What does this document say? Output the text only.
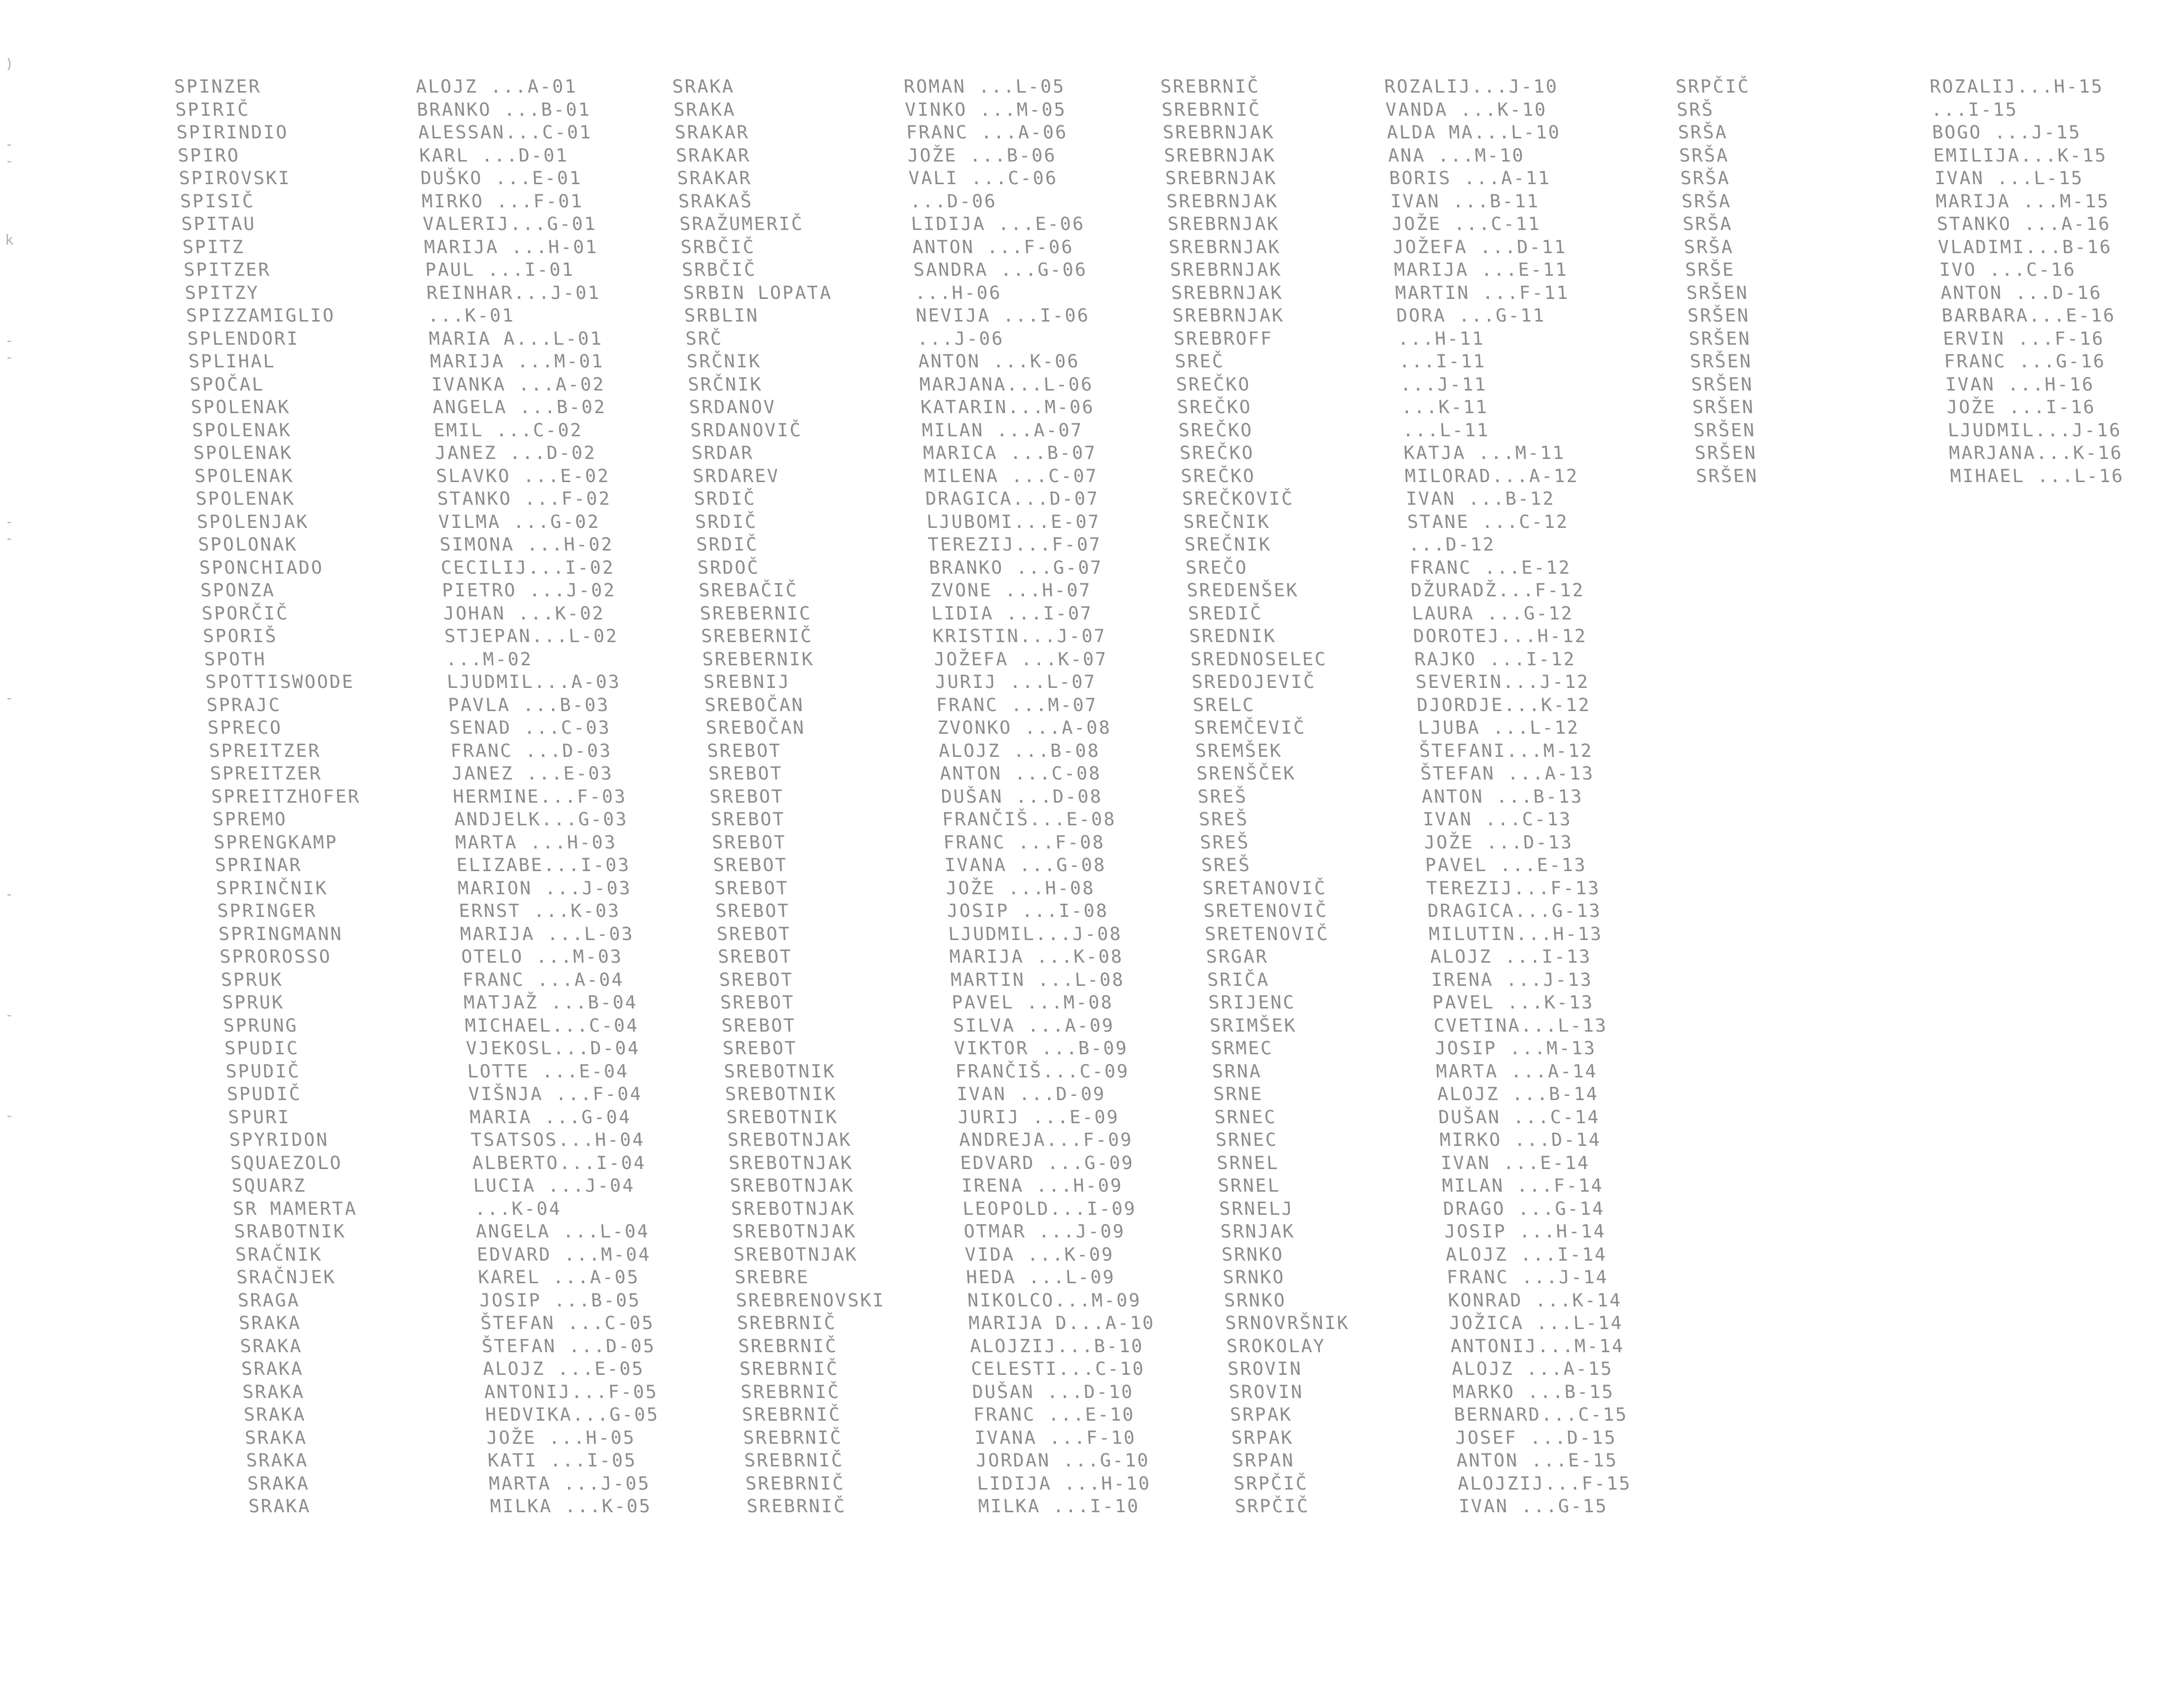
)
- -
k
- -
- -
-
-
-
-
SPINZER
SPIRIČ
SPIRINDIO
SPIRO
SPIROVSKI
SPISIČ
SPITAU
SPITZ
SPITZER
SPITZY
SPIZZAMIGLIO
SPLENDORI
SPLIHAL
SPOČAL
SPOLENAK
SPOLENAK
SPOLENAK
SPOLENAK
SPOLENAK
SPOLENJAK
SPOLONAK
SPONCHIADO
SPONZA
SPORČIČ
SPORIŠ
SPOTH
SPOTTISWOODE
SPRAJC
SPRECO
SPREITZER
SPREITZER
SPREITZHOFER
SPREMO
SPRENGKAMP
SPRINAR
SPRINČNIK
SPRINGER
SPRINGMANN
SPROROSSO
SPRUK
SPRUK
SPRUNG
SPUDIC
SPUDIČ
SPUDIČ
SPURI
SPYRIDON
SQUAEZOLO
SQUARZ
SR MAMERTA
SRABOTNIK
SRAČNIK
SRAČNJEK
SRAGA
SRAKA
SRAKA
SRAKA
SRAKA
SRAKA
SRAKA
SRAKA
SRAKA
SRAKA
ALOJZ ...A-01
BRANKO ...B-01
ALESSAN...C-01
KARL ...D-01
DUŠKO ...E-01
MIRKO ...F-01
VALERIJ...G-01
MARIJA ...H-01
PAUL ...I-01
REINHAR...J-01
...K-01
MARIA A...L-01
MARIJA ...M-01
IVANKA ...A-02
ANGELA ...B-02
EMIL ...C-02
JANEZ ...D-02
SLAVKO ...E-02
STANKO ...F-02
VILMA ...G-02
SIMONA ...H-02
CECILIJ...I-02
PIETRO ...J-02
JOHAN ...K-02
STJEPAN...L-02
...M-02
LJUDMIL...A-03
PAVLA ...B-03
SENAD ...C-03
FRANC ...D-03
JANEZ ...E-03
HERMINE...F-03
ANDJELK...G-03
MARTA ...H-03
ELIZABE...I-03
MARION ...J-03
ERNST ...K-03
MARIJA ...L-03
OTELO ...M-03
FRANC ...A-04
MATJAŽ ...B-04
MICHAEL...C-04
VJEKOSL...D-04
LOTTE ...E-04
VIŠNJA ...F-04
MARIA ...G-04
TSATSOS...H-04
ALBERTO...I-04
LUCIA ...J-04
...K-04
ANGELA ...L-04
EDVARD ...M-04
KAREL ...A-05
JOSIP ...B-05
ŠTEFAN ...C-05
ŠTEFAN ...D-05
ALOJZ ...E-05
ANTONIJ...F-05
HEDVIKA...G-05
JOŽE ...H-05
KATI ...I-05
MARTA ...J-05
MILKA ...K-05
SRAKA
SRAKA
SRAKAR
SRAKAR
SRAKAR
SRAKAŠ
SRAŽUMERIČ
SRBČIČ
SRBČIČ
SRBIN LOPATA
SRBLIN
SRČ
SRČNIK
SRČNIK
SRDANOV
SRDANOVIČ
SRDAR
SRDAREV
SRDIČ
SRDIČ
SRDIČ
SRDOČ
SREBAČIČ
SREBERNIC
SREBERNIČ
SREBERNIK
SREBNIJ
SREBOČAN
SREBOČAN
SREBOT
SREBOT
SREBOT
SREBOT
SREBOT
SREBOT
SREBOT
SREBOT
SREBOT
SREBOT
SREBOT
SREBOT
SREBOT
SREBOT
SREBOTNIK
SREBOTNIK
SREBOTNIK
SREBOTNJAK
SREBOTNJAK
SREBOTNJAK
SREBOTNJAK
SREBOTNJAK
SREBOTNJAK
SREBRE
SREBRENOVSKI
SREBRNIČ
SREBRNIČ
SREBRNIČ
SREBRNIČ
SREBRNIČ
SREBRNIČ
SREBRNIČ
SREBRNIČ
SREBRNIČ
ROMAN ...L-05
VINKO ...M-05
FRANC ...A-06
JOŽE ...B-06
VALI ...C-06
...D-06
LIDIJA ...E-06
ANTON ...F-06
SANDRA ...G-06
...H-06
NEVIJA ...I-06
...J-06
ANTON ...K-06
MARJANA...L-06
KATARIN...M-06
MILAN ...A-07
MARICA ...B-07
MILENA ...C-07
DRAGICA...D-07
LJUBOMI...E-07
TEREZIJ...F-07
BRANKO ...G-07
ZVONE ...H-07
LIDIA ...I-07
KRISTIN...J-07
JOŽEFA ...K-07
JURIJ ...L-07
FRANC ...M-07
ZVONKO ...A-08
ALOJZ ...B-08
ANTON ...C-08
DUŠAN ...D-08
FRANČIŠ...E-08
FRANC ...F-08
IVANA ...G-08
JOŽE ...H-08
JOSIP ...I-08
LJUDMIL...J-08
MARIJA ...K-08
MARTIN ...L-08
PAVEL ...M-08
SILVA ...A-09
VIKTOR ...B-09
FRANČIŠ...C-09
IVAN ...D-09
JURIJ ...E-09
ANDREJA...F-09
EDVARD ...G-09
IRENA ...H-09
LEOPOLD...I-09
OTMAR ...J-09
VIDA ...K-09
HEDA ...L-09
NIKOLCO...M-09
MARIJA D...A-10
ALOJZIJ...B-10
CELESTI...C-10
DUŠAN ...D-10
FRANC ...E-10
IVANA ...F-10
JORDAN ...G-10
LIDIJA ...H-10
MILKA ...I-10
SREBRNIČ
SREBRNIČ
SREBRNJAK
SREBRNJAK
SREBRNJAK
SREBRNJAK
SREBRNJAK
SREBRNJAK
SREBRNJAK
SREBRNJAK
SREBRNJAK
SREBROFF
SREČ
SREČKO
SREČKO
SREČKO
SREČKO
SREČKO
SREČKOVIČ
SREČNIK
SREČNIK
SREČO
SREDENŠEK
SREDIČ
SREDNIK
SREDNOSELEC
SREDOJEVIČ
SRELC
SREMČEVIČ
SREMŠEK
SRENŠČEK
SREŠ
SREŠ
SREŠ
SREŠ
SRETANOVIČ
SRETENOVIČ
SRETENOVIČ
SRGAR
SRIČA
SRIJENC
SRIMŠEK
SRMEC
SRNA
SRNE
SRNEC
SRNEC
SRNEL
SRNEL
SRNELJ
SRNJAK
SRNKO
SRNKO
SRNKO
SRNOVRŠNIK
SROKOLAY
SROVIN
SROVIN
SRPAK
SRPAK
SRPAN
SRPČIČ
SRPČIČ
ROZALIJ...J-10
VANDA ...K-10
ALDA MA...L-10
ANA ...M-10
BORIS ...A-11
IVAN ...B-11
JOŽE ...C-11
JOŽEFA ...D-11
MARIJA ...E-11
MARTIN ...F-11
DORA ...G-11
...H-11
...I-11
...J-11
...K-11
...L-11
KATJA ...M-11
MILORAD...A-12
IVAN ...B-12
STANE ...C-12
...D-12
FRANC ...E-12
DŽURADŽ...F-12
LAURA ...G-12
DOROTEJ...H-12
RAJKO ...I-12
SEVERIN...J-12
DJORDJE...K-12
LJUBA ...L-12
ŠTEFANI...M-12
ŠTEFAN ...A-13
ANTON ...B-13
IVAN ...C-13
JOŽE ...D-13
PAVEL ...E-13
TEREZIJ...F-13
DRAGICA...G-13
MILUTIN...H-13
ALOJZ ...I-13
IRENA ...J-13
PAVEL ...K-13
CVETINA...L-13
JOSIP ...M-13
MARTA ...A-14
ALOJZ ...B-14
DUŠAN ...C-14
MIRKO ...D-14
IVAN ...E-14
MILAN ...F-14
DRAGO ...G-14
JOSIP ...H-14
ALOJZ ...I-14
FRANC ...J-14
KONRAD ...K-14
JOŽICA ...L-14
ANTONIJ...M-14
ALOJZ ...A-15
MARKO ...B-15
BERNARD...C-15
JOSEF ...D-15
ANTON ...E-15
ALOJZIJ...F-15
IVAN ...G-15
SRPČIČ
SRŠ
SRŠA
SRŠA
SRŠA
SRŠA
SRŠA
SRŠA
SRŠE
SRŠEN
SRŠEN
SRŠEN
SRŠEN
SRŠEN
SRŠEN
SRŠEN
SRŠEN
SRŠEN
ROZALIJ...H-15
...I-15
BOGO ...J-15
EMILIJA...K-15
IVAN ...L-15
MARIJA ...M-15
STANKO ...A-16
VLADIMI...B-16
IVO ...C-16
ANTON ...D-16
BARBARA...E-16
ERVIN ...F-16
FRANC ...G-16
IVAN ...H-16
JOŽE ...I-16
LJUDMIL...J-16
MARJANA...K-16
MIHAEL ...L-16
